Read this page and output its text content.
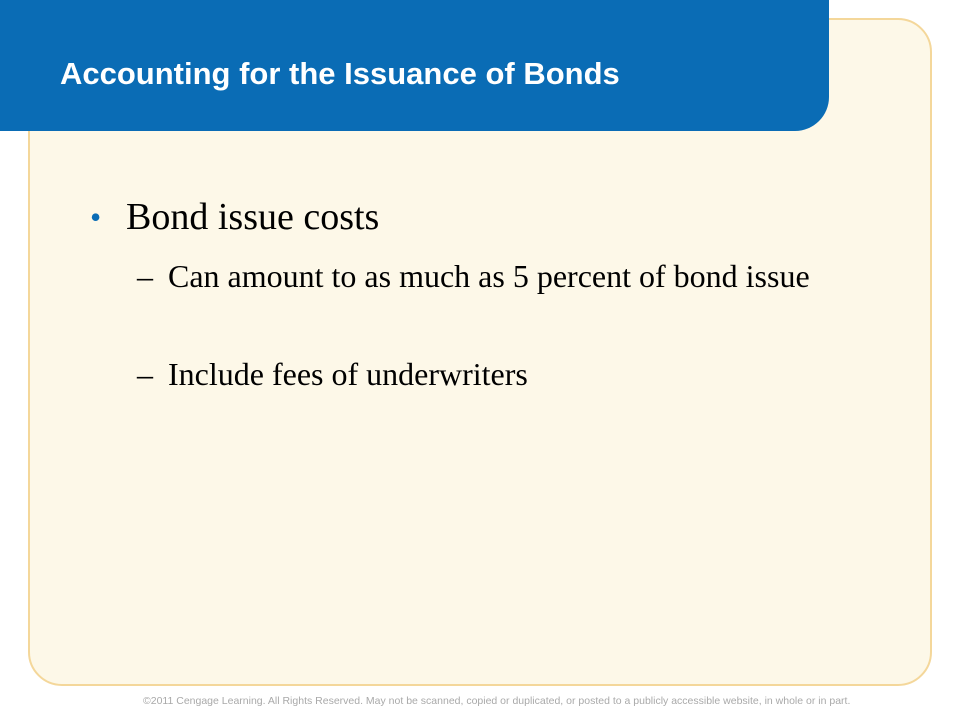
Accounting for the Issuance of Bonds
• Bond issue costs
– Can amount to as much as 5 percent of bond issue
– Include fees of underwriters
©2011 Cengage Learning. All Rights Reserved. May not be scanned, copied or duplicated, or posted to a publicly accessible website, in whole or in part.
